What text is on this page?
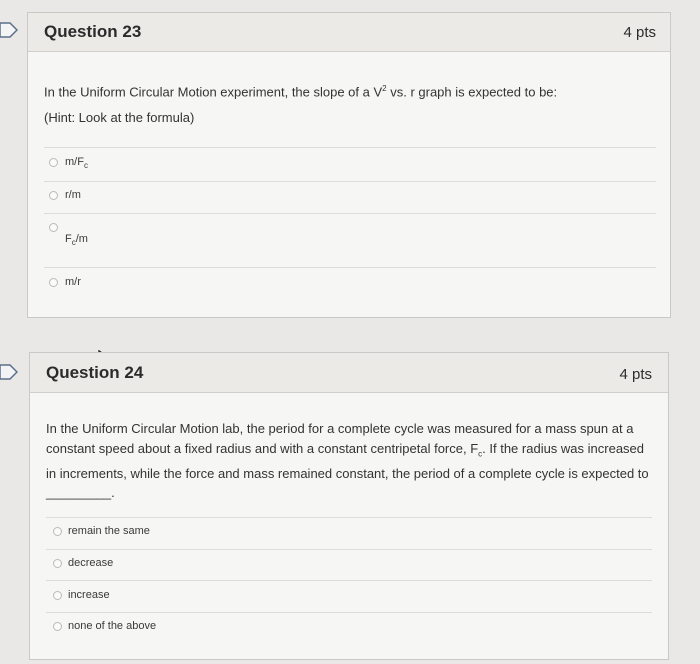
Question 23	4 pts
In the Uniform Circular Motion experiment, the slope of a $V^2$ vs. r graph is expected to be:
(Hint: Look at the formula)
$m/F_c$
r/m
$F_c/m$
m/r
Question 24	4 pts
In the Uniform Circular Motion lab, the period for a complete cycle was measured for a mass spun at a constant speed about a fixed radius and with a constant centripetal force, $F_c$. If the radius was increased in increments, while the force and mass remained constant, the period of a complete cycle is expected to _________.
remain the same
decrease
increase
none of the above
